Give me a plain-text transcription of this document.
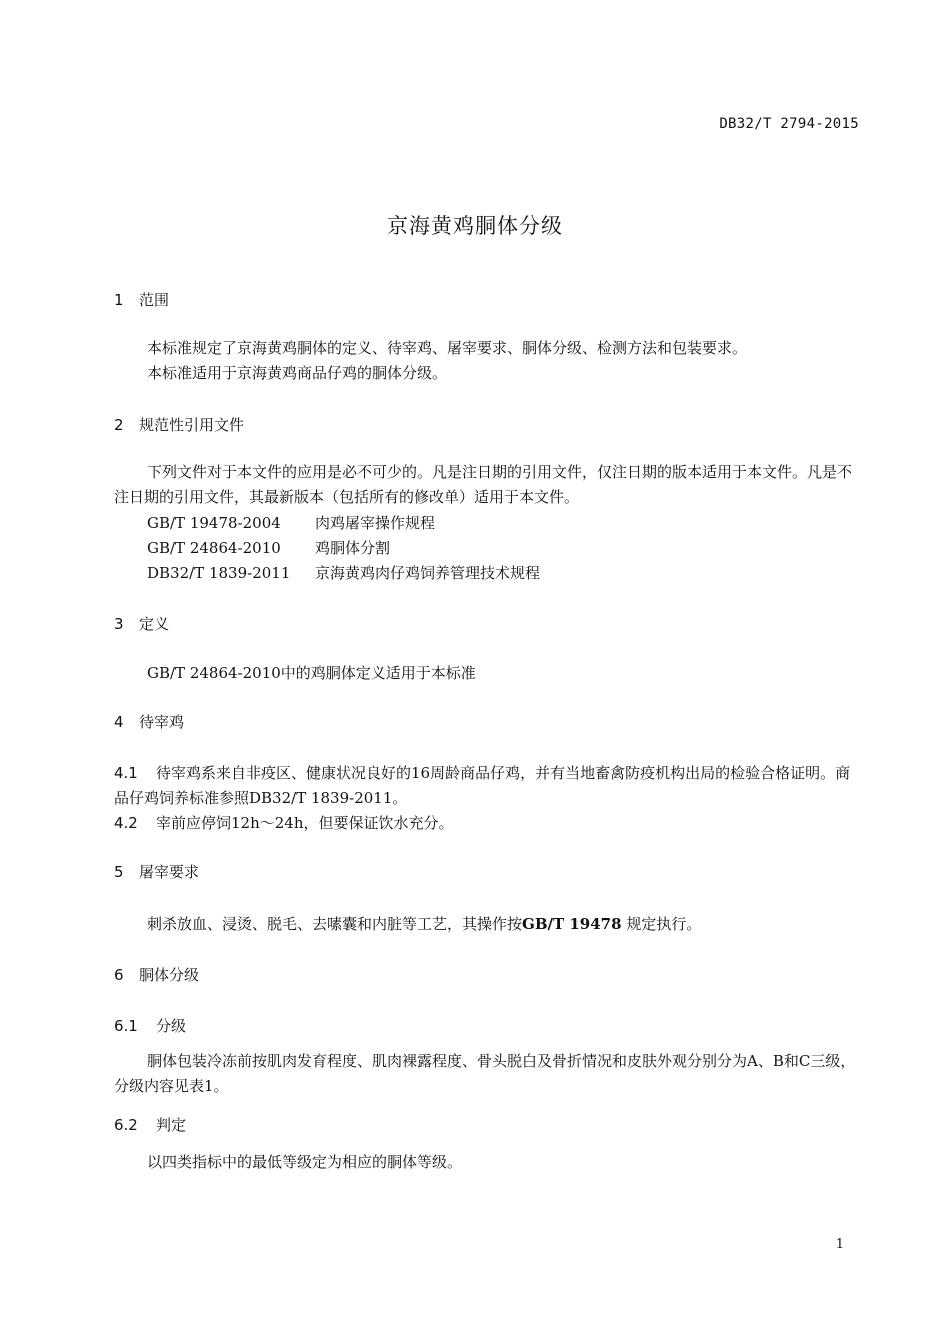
DB32/T 2794-2015
京海黄鸡胴体分级
1 范围
本标准规定了京海黄鸡胴体的定义、待宰鸡、屠宰要求、胴体分级、检测方法和包装要求。
本标准适用于京海黄鸡商品仔鸡的胴体分级。
2 规范性引用文件
下列文件对于本文件的应用是必不可少的。凡是注日期的引用文件，仅注日期的版本适用于本文件。凡是不注日期的引用文件，其最新版本（包括所有的修改单）适用于本文件。
GB/T 19478-2004 肉鸡屠宰操作规程
GB/T 24864-2010 鸡胴体分割
DB32/T 1839-2011 京海黄鸡肉仔鸡饲养管理技术规程
3 定义
GB/T 24864-2010中的鸡胴体定义适用于本标准
4 待宰鸡
4.1 待宰鸡系来自非疫区、健康状况良好的16周龄商品仔鸡，并有当地畜禽防疫机构出局的检验合格证明。商品仔鸡饲养标准参照DB32/T 1839-2011。
4.2 宰前应停饲12h～24h，但要保证饮水充分。
5 屠宰要求
刺杀放血、浸烫、脱毛、去嗉囊和内脏等工艺，其操作按GB/T 19478 规定执行。
6 胴体分级
6.1 分级
胴体包装冷冻前按肌肉发育程度、肌肉裸露程度、骨头脱白及骨折情况和皮肤外观分别分为A、B和C三级，分级内容见表1。
6.2 判定
以四类指标中的最低等级定为相应的胴体等级。
1
